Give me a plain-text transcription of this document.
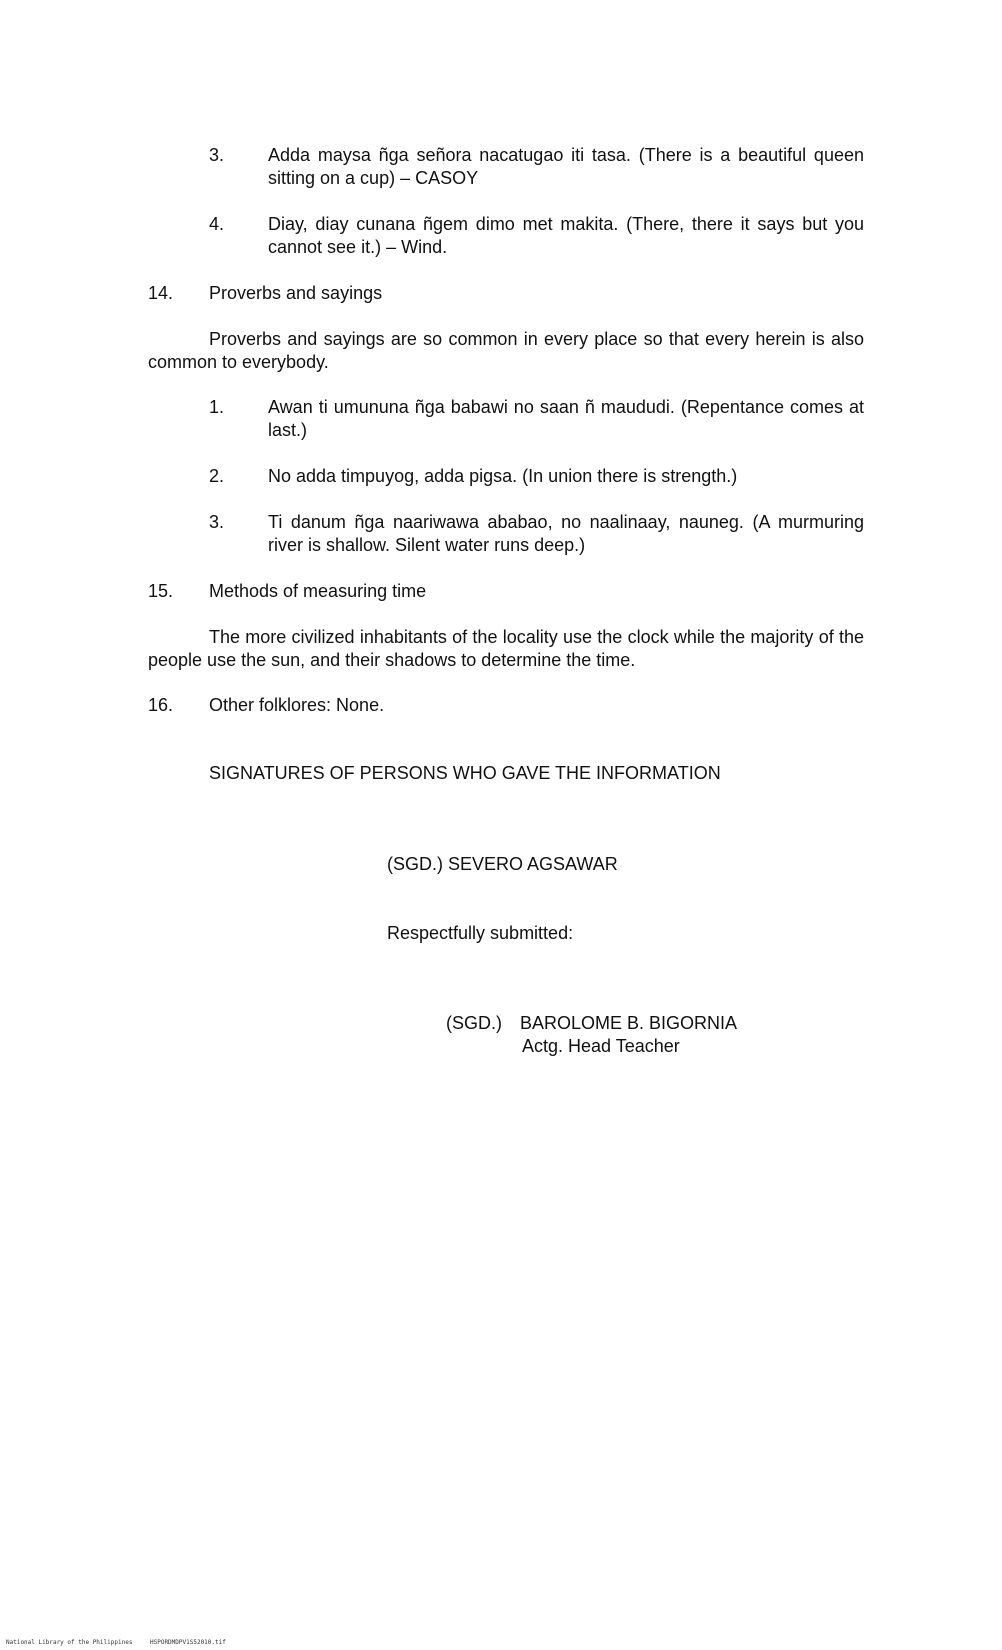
3. Adda maysa ñga señora nacatugao iti tasa. (There is a beautiful queen sitting on a cup) – CASOY

4. Diay, diay cunana ñgem dimo met makita. (There, there it says but you cannot see it.) – Wind.

14. Proverbs and sayings

Proverbs and sayings are so common in every place so that every herein is also common to everybody.

1. Awan ti umununa ñga babawi no saan ñ maududi. (Repentance comes at last.)

2. No adda timpuyog, adda pigsa. (In union there is strength.)

3. Ti danum ñga naariwawa ababao, no naalinaay, nauneg. (A murmuring river is shallow. Silent water runs deep.)

15. Methods of measuring time

The more civilized inhabitants of the locality use the clock while the majority of the people use the sun, and their shadows to determine the time.

16. Other folklores: None.
SIGNATURES OF PERSONS WHO GAVE THE INFORMATION
(SGD.) SEVERO AGSAWAR
Respectfully submitted:
(SGD.) BAROLOME B. BIGORNIA
Actg. Head Teacher
National Library of the Philippines	HSPORDMDPV1S52010.tif
